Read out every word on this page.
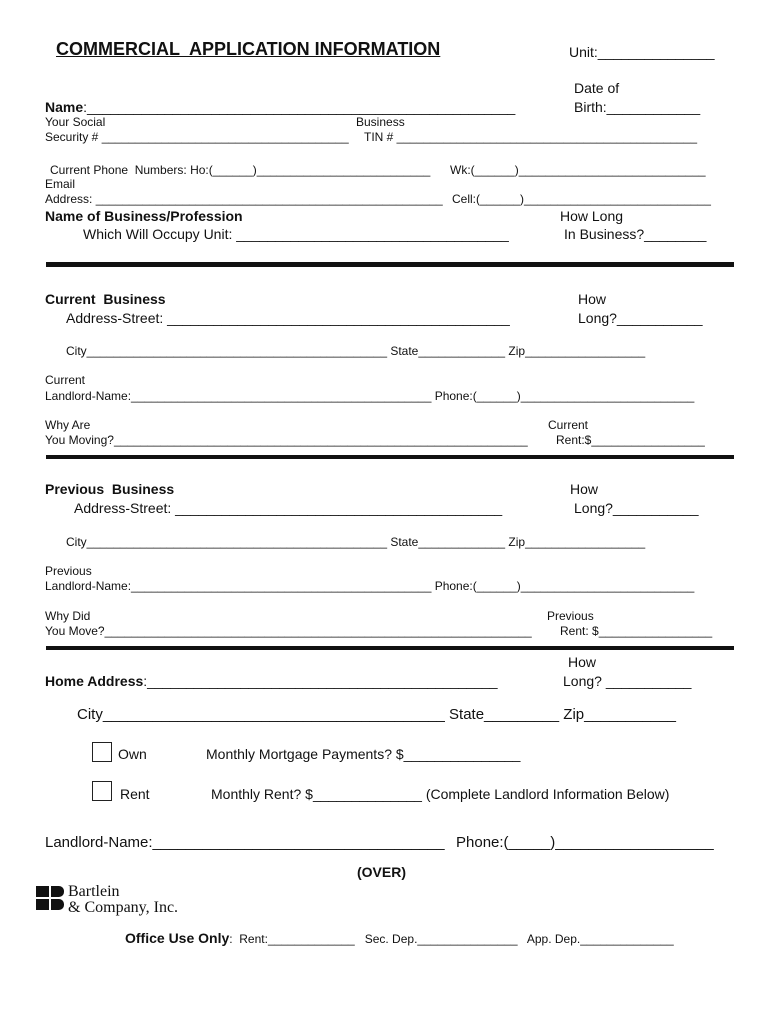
COMMERCIAL  APPLICATION INFORMATION	Unit:_______________
Date of
Birth:____________
Name:_______________________________________________________
Your Social
Security # _____________________________________
Business
TIN # _____________________________________________
Current Phone  Numbers: Ho:(______)__________________________ Wk:(______)____________________________
Email
Address: ____________________________________________________ Cell:(______)____________________________
Name of Business/Profession
Which Will Occupy Unit: ___________________________________
How Long
In Business?________
Current  Business
Address-Street: ____________________________________________
How
Long?___________
City_____________________________________________ State_____________ Zip__________________
Current
Landlord-Name:_____________________________________________ Phone:(______)__________________________
Why Are
You Moving?______________________________________________________________
Current
Rent:$_________________
Previous  Business
Address-Street: __________________________________________
How
Long?___________
City_____________________________________________ State_____________ Zip__________________
Previous
Landlord-Name:_____________________________________________ Phone:(______)__________________________
Why Did
You Move?________________________________________________________________
Previous
Rent: $_________________
How
Long? ___________
Home Address:_____________________________________________
City_________________________________________ State_________ Zip___________
Own	Monthly Mortgage Payments? $_______________
Rent	Monthly Rent? $______________ (Complete Landlord Information Below)
Landlord-Name:___________________________________ Phone:(_____)___________________
(OVER)
Bartlein
& Company, Inc.
Office Use Only:  Rent:_____________   Sec. Dep._______________   App. Dep.______________
